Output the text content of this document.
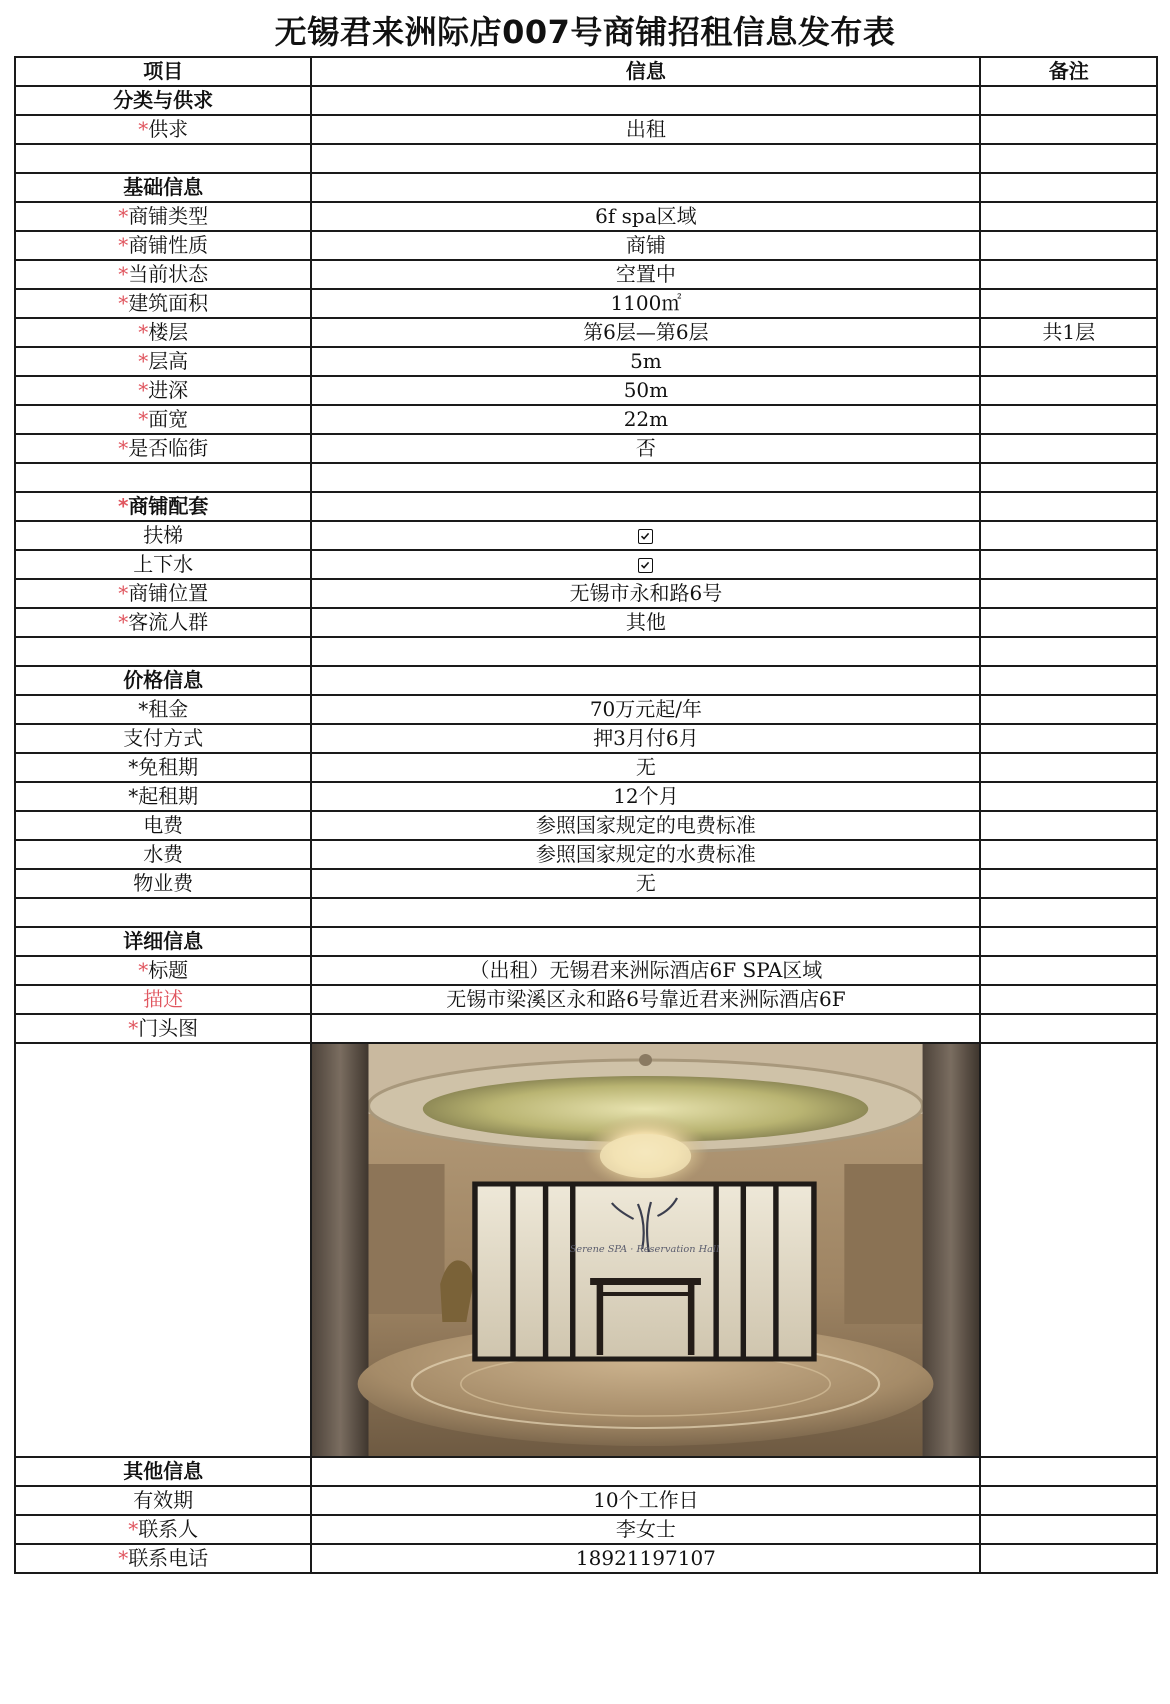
无锡君来洲际店007号商铺招租信息发布表
项目	信息	备注
分类与供求		
*供求	出租	

基础信息		
*商铺类型	6f spa区域	
*商铺性质	商铺	
*当前状态	空置中	
*建筑面积	1100㎡	
*楼层	第6层—第6层	共1层
*层高	5m	
*进深	50m	
*面宽	22m	
*是否临街	否	

*商铺配套		
扶梯	

上下水	

*商铺位置	无锡市永和路6号	
*客流人群	其他	

价格信息		
*租金	70万元起/年	
支付方式	押3月付6月	
*免租期	无	
*起租期	12个月	
电费	参照国家规定的电费标准	
水费	参照国家规定的水费标准	
物业费	无	

详细信息		
*标题	（出租）无锡君来洲际酒店6F SPA区域	
描述	无锡市梁溪区永和路6号靠近君来洲际酒店6F	
*门头图		

Serene SPA · Reservation Hall	

其他信息		
有效期	10个工作日	
*联系人	李女士	
*联系电话	18921197107	
